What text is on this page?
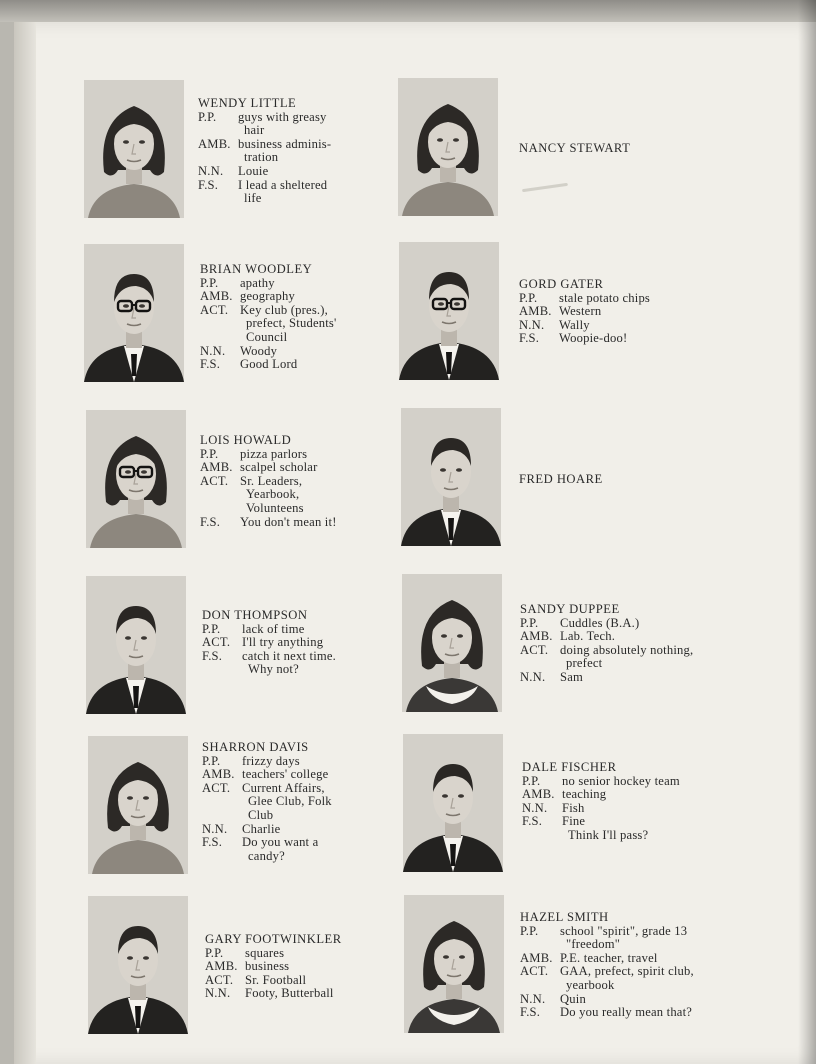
WENDY LITTLE
P.P. guys with greasy
hair
AMB. business adminis-
tration
N.N. Louie
F.S. I lead a sheltered
life
BRIAN WOODLEY
P.P. apathy
AMB. geography
ACT. Key club (pres.),
prefect, Students'
Council
N.N. Woody
F.S. Good Lord
LOIS HOWALD
P.P. pizza parlors
AMB. scalpel scholar
ACT. Sr. Leaders,
Yearbook,
Volunteens
F.S. You don't mean it!
DON THOMPSON
P.P. lack of time
ACT. I'll try anything
F.S. catch it next time.
Why not?
SHARRON DAVIS
P.P. frizzy days
AMB. teachers' college
ACT. Current Affairs,
Glee Club, Folk
Club
N.N. Charlie
F.S. Do you want a
candy?
GARY FOOTWINKLER
P.P. squares
AMB. business
ACT. Sr. Football
N.N. Footy, Butterball
NANCY STEWART
GORD GATER
P.P. stale potato chips
AMB. Western
N.N. Wally
F.S. Woopie-doo!
FRED HOARE
SANDY DUPPEE
P.P. Cuddles (B.A.)
AMB. Lab. Tech.
ACT. doing absolutely nothing,
prefect
N.N. Sam
DALE FISCHER
P.P. no senior hockey team
AMB. teaching
N.N. Fish
F.S. Fine
Think I'll pass?
HAZEL SMITH
P.P. school "spirit", grade 13
"freedom"
AMB. P.E. teacher, travel
ACT. GAA, prefect, spirit club,
yearbook
N.N. Quin
F.S. Do you really mean that?
